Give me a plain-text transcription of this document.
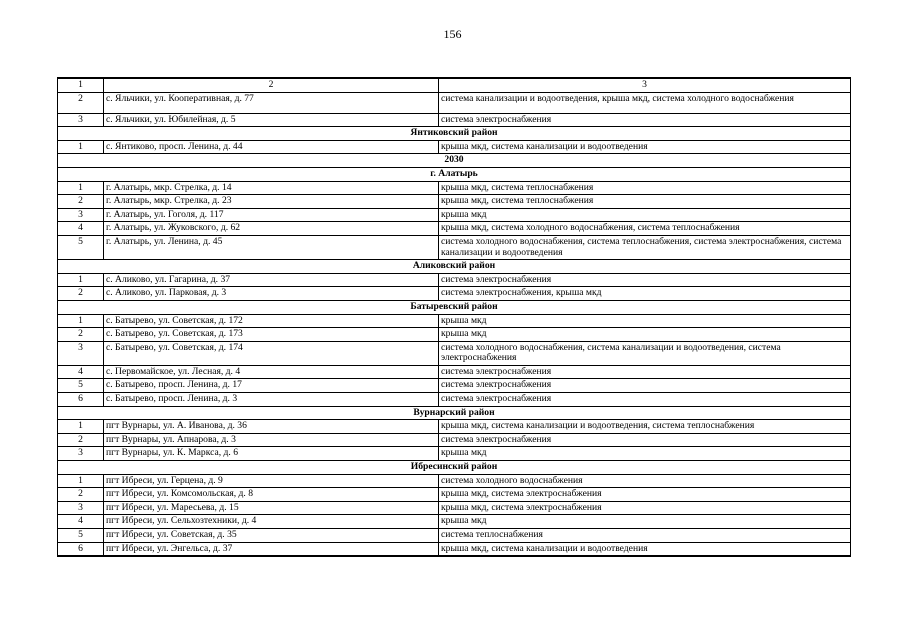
156
1	2	3
2	с. Яльчики, ул. Кооперативная, д. 77	система канализации и водоотведения, крыша мкд, система холодного водоснабжения
3	с. Яльчики, ул. Юбилейная, д. 5	система электроснабжения
Янтиковский район		
1	с. Янтиково, просп. Ленина, д. 44	крыша мкд, система канализации и водоотведения
2030		
г. Алатырь		
1	г. Алатырь, мкр. Стрелка, д. 14	крыша мкд, система теплоснабжения
2	г. Алатырь, мкр. Стрелка, д. 23	крыша мкд, система теплоснабжения
3	г. Алатырь, ул. Гоголя, д. 117	крыша мкд
4	г. Алатырь, ул. Жуковского, д. 62	крыша мкд, система холодного водоснабжения, система теплоснабжения
5	г. Алатырь, ул. Ленина, д. 45	система холодного водоснабжения, система теплоснабжения, система электроснабжения, система канализации и водоотведения
Аликовский район		
1	с. Аликово, ул. Гагарина, д. 37	система электроснабжения
2	с. Аликово, ул. Парковая, д. 3	система электроснабжения, крыша мкд
Батыревский район		
1	с. Батырево, ул. Советская, д. 172	крыша мкд
2	с. Батырево, ул. Советская, д. 173	крыша мкд
3	с. Батырево, ул. Советская, д. 174	система холодного водоснабжения, система канализации и водоотведения, система электроснабжения
4	с. Первомайское, ул. Лесная, д. 4	система электроснабжения
5	с. Батырево, просп. Ленина, д. 17	система электроснабжения
6	с. Батырево, просп. Ленина, д. 3	система электроснабжения
Вурнарский район		
1	пгт Вурнары, ул. А. Иванова, д. 36	крыша мкд, система канализации и водоотведения, система теплоснабжения
2	пгт Вурнары, ул. Апнарова, д. 3	система электроснабжения
3	пгт Вурнары, ул. К. Маркса, д. 6	крыша мкд
Ибресинский район		
1	пгт Ибреси, ул. Герцена, д. 9	система холодного водоснабжения
2	пгт Ибреси, ул. Комсомольская, д. 8	крыша мкд, система электроснабжения
3	пгт Ибреси, ул. Маресьева, д. 15	крыша мкд, система электроснабжения
4	пгт Ибреси, ул. Сельхозтехники, д. 4	крыша мкд
5	пгт Ибреси, ул. Советская, д. 35	система теплоснабжения
6	пгт Ибреси, ул. Энгельса, д. 37	крыша мкд, система канализации и водоотведения
